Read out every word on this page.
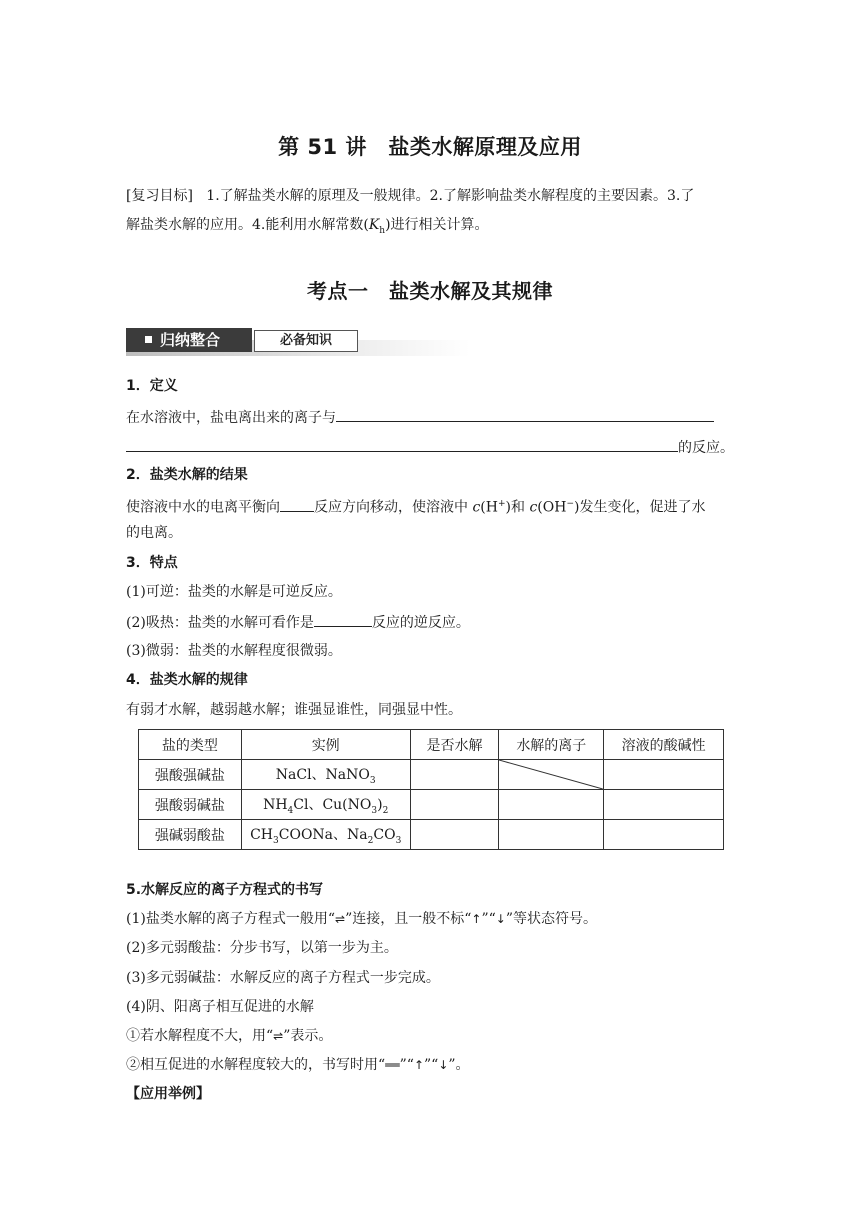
第 51 讲　盐类水解原理及应用
[复习目标] 1.了解盐类水解的原理及一般规律。2.了解影响盐类水解程度的主要因素。3.了
解盐类水解的应用。4.能利用水解常数$(K_h)$进行相关计算。
考点一　盐类水解及其规律
归纳整合	必备知识
1．定义
在水溶液中，盐电离出来的离子与
的反应。
2．盐类水解的结果
使溶液中水的电离平衡向 反应方向移动，使溶液中 c(H+)和 c(OH−)发生变化，促进了水
的电离。
3．特点
(1)可逆：盐类的水解是可逆反应。
(2)吸热：盐类的水解可看作是	反应的逆反应。
(3)微弱：盐类的水解程度很微弱。
4．盐类水解的规律
有弱才水解，越弱越水解；谁强显谁性，同强显中性。
盐的类型	实例	是否水解	水解的离子	溶液的酸碱性
强酸强碱盐	NaCl、NaNO$_3$		

强酸弱碱盐	$NH_4Cl$、$Cu(NO_3)_2$			
强碱弱酸盐	$CH_3COONa$、$Na_2CO_3$			
5.水解反应的离子方程式的书写
(1)盐类水解的离子方程式一般用“⇌”连接，且一般不标“↑”“↓”等状态符号。
(2)多元弱酸盐：分步书写，以第一步为主。
(3)多元弱碱盐：水解反应的离子方程式一步完成。
(4)阴、阳离子相互促进的水解
①若水解程度不大，用“⇌”表示。
②相互促进的水解程度较大的，书写时用“══”“↑”“↓”。
【应用举例】
